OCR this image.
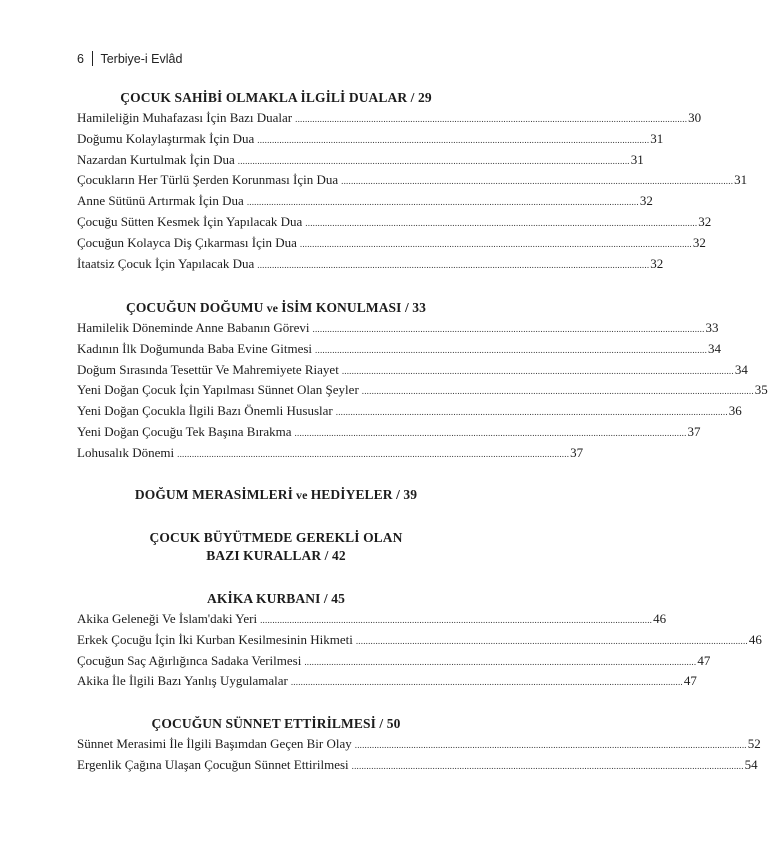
6 Terbiye-i Evlâd
ÇOCUK SAHİBİ OLMAKLA İLGİLİ DUALAR / 29
Hamileliğin Muhafazası İçin Bazı Dualar ................................................................................................................................................................ 30
Doğumu Kolaylaştırmak İçin Dua ................................................................................................................................................................ 31
Nazardan Kurtulmak İçin Dua ................................................................................................................................................................ 31
Çocukların Her Türlü Şerden Korunması İçin Dua ................................................................................................................................................................ 31
Anne Sütünü Artırmak İçin Dua ................................................................................................................................................................ 32
Çocuğu Sütten Kesmek İçin Yapılacak Dua ................................................................................................................................................................ 32
Çocuğun Kolayca Diş Çıkarması İçin Dua ................................................................................................................................................................ 32
İtaatsiz Çocuk İçin Yapılacak Dua ................................................................................................................................................................ 32
ÇOCUĞUN DOĞUMU ve İSİM KONULMASI / 33
Hamilelik Döneminde Anne Babanın Görevi ................................................................................................................................................................ 33
Kadının İlk Doğumunda Baba Evine Gitmesi ................................................................................................................................................................ 34
Doğum Sırasında Tesettür Ve Mahremiyete Riayet ................................................................................................................................................................ 34
Yeni Doğan Çocuk İçin Yapılması Sünnet Olan Şeyler ................................................................................................................................................................ 35
Yeni Doğan Çocukla İlgili Bazı Önemli Hususlar ................................................................................................................................................................ 36
Yeni Doğan Çocuğu Tek Başına Bırakma ................................................................................................................................................................ 37
Lohusalık Dönemi ................................................................................................................................................................ 37
DOĞUM MERASİMLERİ ve HEDİYELER / 39
ÇOCUK BÜYÜTMEDE GEREKLİ OLAN
BAZI KURALLAR / 42
AKİKA KURBANI / 45
Akika Geleneği Ve İslam'daki Yeri ................................................................................................................................................................ 46
Erkek Çocuğu İçin İki Kurban Kesilmesinin Hikmeti ................................................................................................................................................................ 46
Çocuğun Saç Ağırlığınca Sadaka Verilmesi ................................................................................................................................................................ 47
Akika İle İlgili Bazı Yanlış Uygulamalar ................................................................................................................................................................ 47
ÇOCUĞUN SÜNNET ETTİRİLMESİ / 50
Sünnet Merasimi İle İlgili Başımdan Geçen Bir Olay ................................................................................................................................................................ 52
Ergenlik Çağına Ulaşan Çocuğun Sünnet Ettirilmesi ................................................................................................................................................................ 54
